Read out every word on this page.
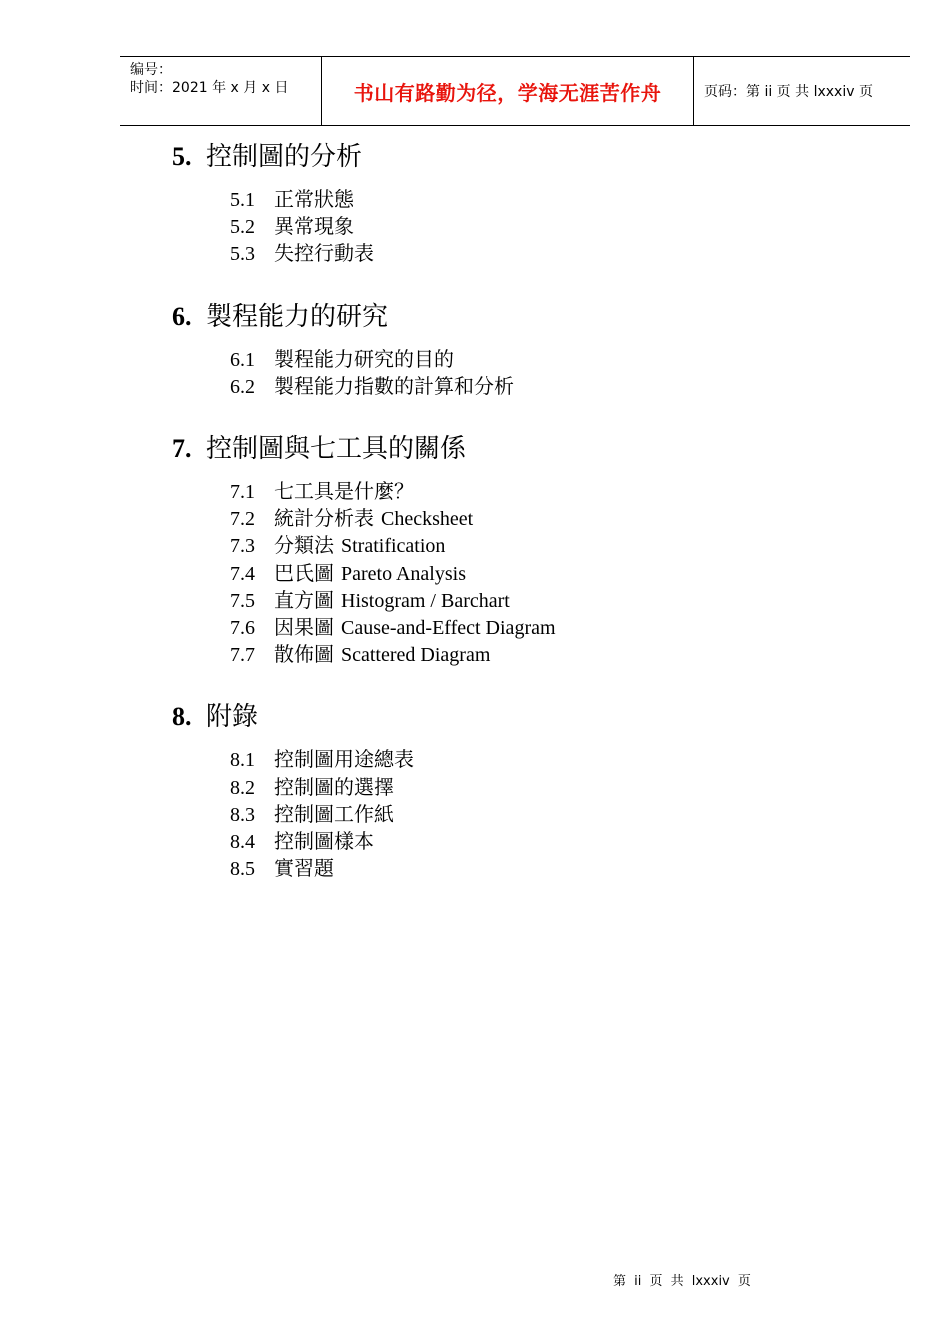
编号：
时间：2021 年 x 月 x 日	书山有路勤为径，学海无涯苦作舟	页码：第 ii 页 共 lxxxiv 页
5. 控制圖的分析
5.1 正常狀態
5.2 異常現象
5.3 失控行動表
6. 製程能力的研究
6.1 製程能力研究的目的
6.2 製程能力指數的計算和分析
7. 控制圖與七工具的關係
7.1 七工具是什麼？
7.2 統計分析表 Checksheet
7.3 分類法 Stratification
7.4 巴氏圖 Pareto Analysis
7.5 直方圖 Histogram / Barchart
7.6 因果圖 Cause-and-Effect Diagram
7.7 散佈圖 Scattered Diagram
8. 附錄
8.1 控制圖用途總表
8.2 控制圖的選擇
8.3 控制圖工作紙
8.4 控制圖樣本
8.5 實習題
第 ii 页 共 lxxxiv 页
